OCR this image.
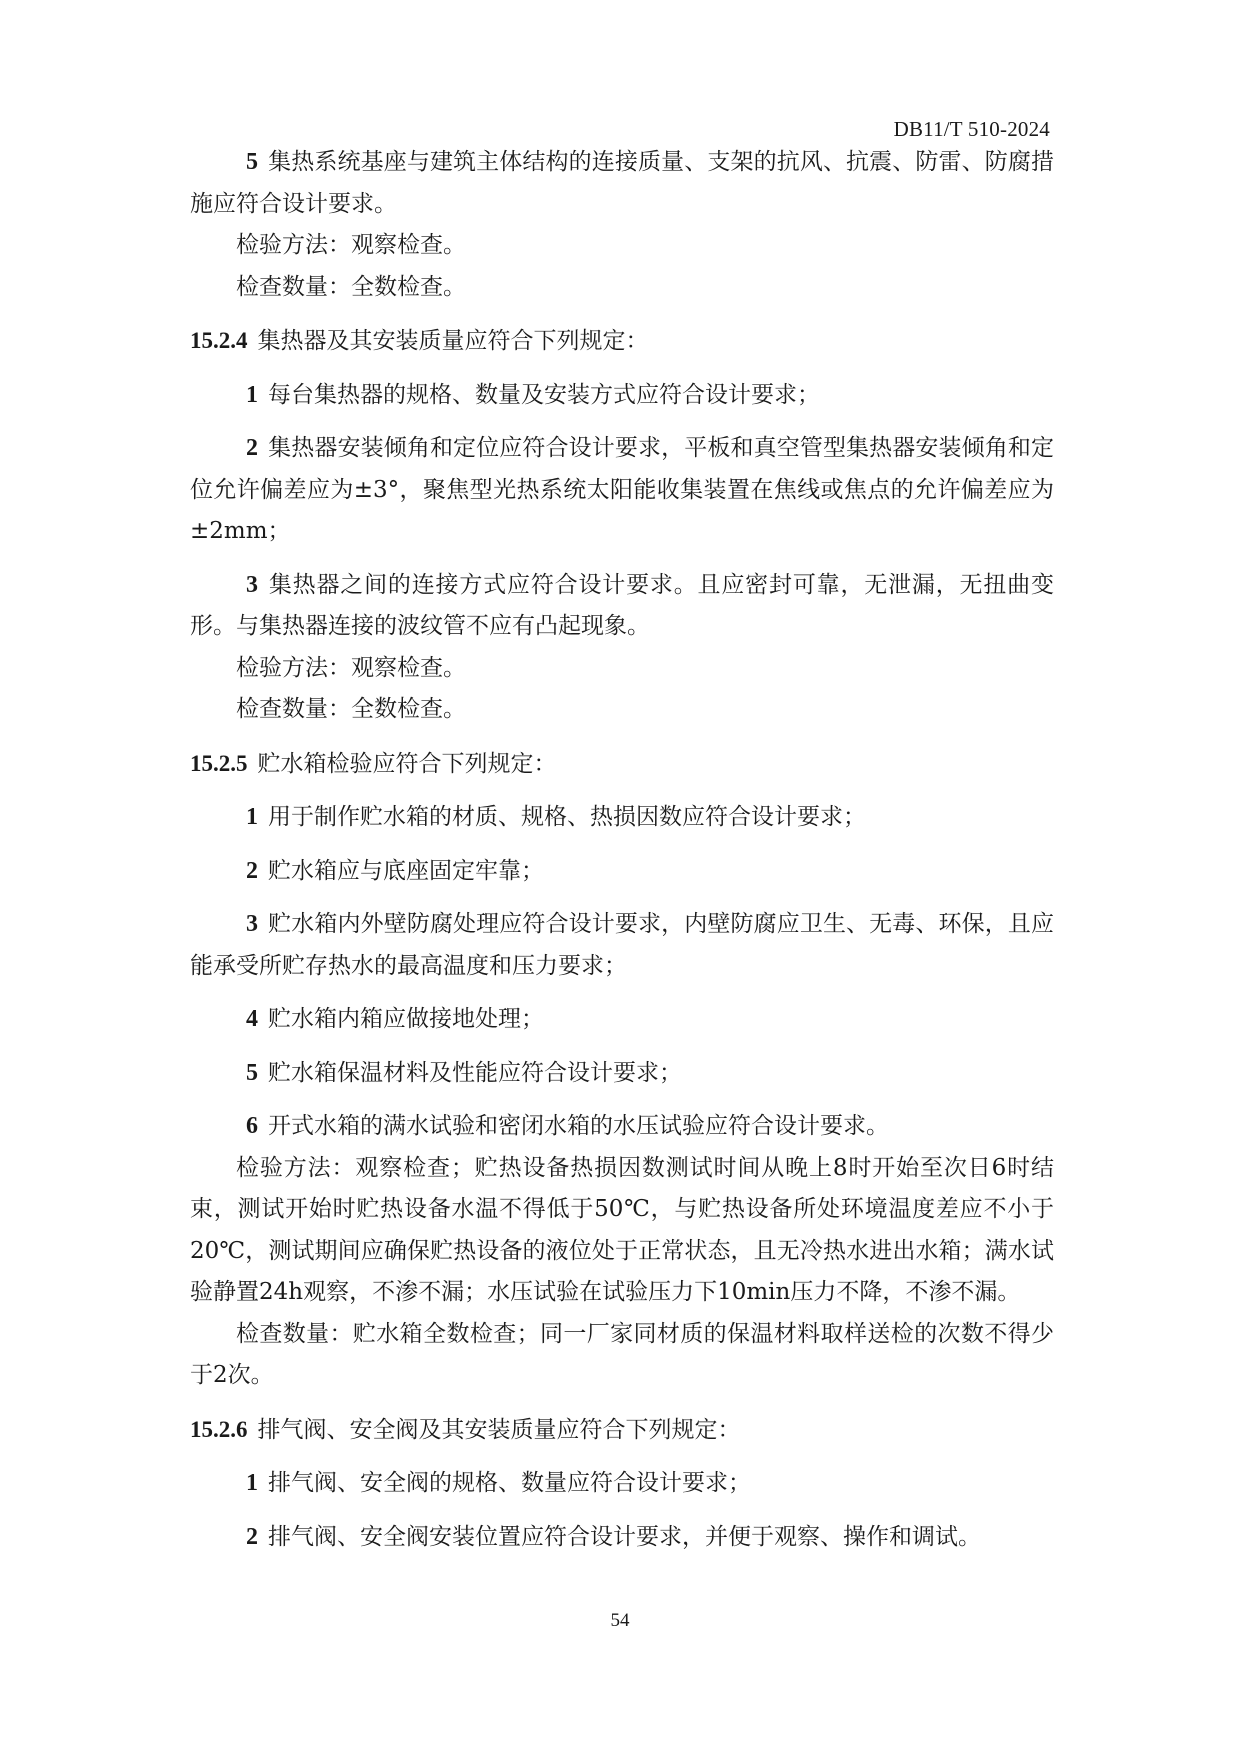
DB11/T 510-2024

5 集热系统基座与建筑主体结构的连接质量、支架的抗风、抗震、防雷、防腐措施应符合设计要求。

检验方法：观察检查。

检查数量：全数检查。

15.2.4 集热器及其安装质量应符合下列规定：

1 每台集热器的规格、数量及安装方式应符合设计要求；

2 集热器安装倾角和定位应符合设计要求，平板和真空管型集热器安装倾角和定位允许偏差应为±3°，聚焦型光热系统太阳能收集装置在焦线或焦点的允许偏差应为±2mm；

3 集热器之间的连接方式应符合设计要求。且应密封可靠，无泄漏，无扭曲变形。与集热器连接的波纹管不应有凸起现象。

检验方法：观察检查。

检查数量：全数检查。

15.2.5 贮水箱检验应符合下列规定：

1 用于制作贮水箱的材质、规格、热损因数应符合设计要求；

2 贮水箱应与底座固定牢靠；

3 贮水箱内外壁防腐处理应符合设计要求，内壁防腐应卫生、无毒、环保，且应能承受所贮存热水的最高温度和压力要求；

4 贮水箱内箱应做接地处理；

5 贮水箱保温材料及性能应符合设计要求；

6 开式水箱的满水试验和密闭水箱的水压试验应符合设计要求。

检验方法：观察检查；贮热设备热损因数测试时间从晚上8时开始至次日6时结束，测试开始时贮热设备水温不得低于50℃，与贮热设备所处环境温度差应不小于20℃，测试期间应确保贮热设备的液位处于正常状态，且无冷热水进出水箱；满水试验静置24h观察，不渗不漏；水压试验在试验压力下10min压力不降，不渗不漏。

检查数量：贮水箱全数检查；同一厂家同材质的保温材料取样送检的次数不得少于2次。

15.2.6 排气阀、安全阀及其安装质量应符合下列规定：

1 排气阀、安全阀的规格、数量应符合设计要求；

2 排气阀、安全阀安装位置应符合设计要求，并便于观察、操作和调试。

54
